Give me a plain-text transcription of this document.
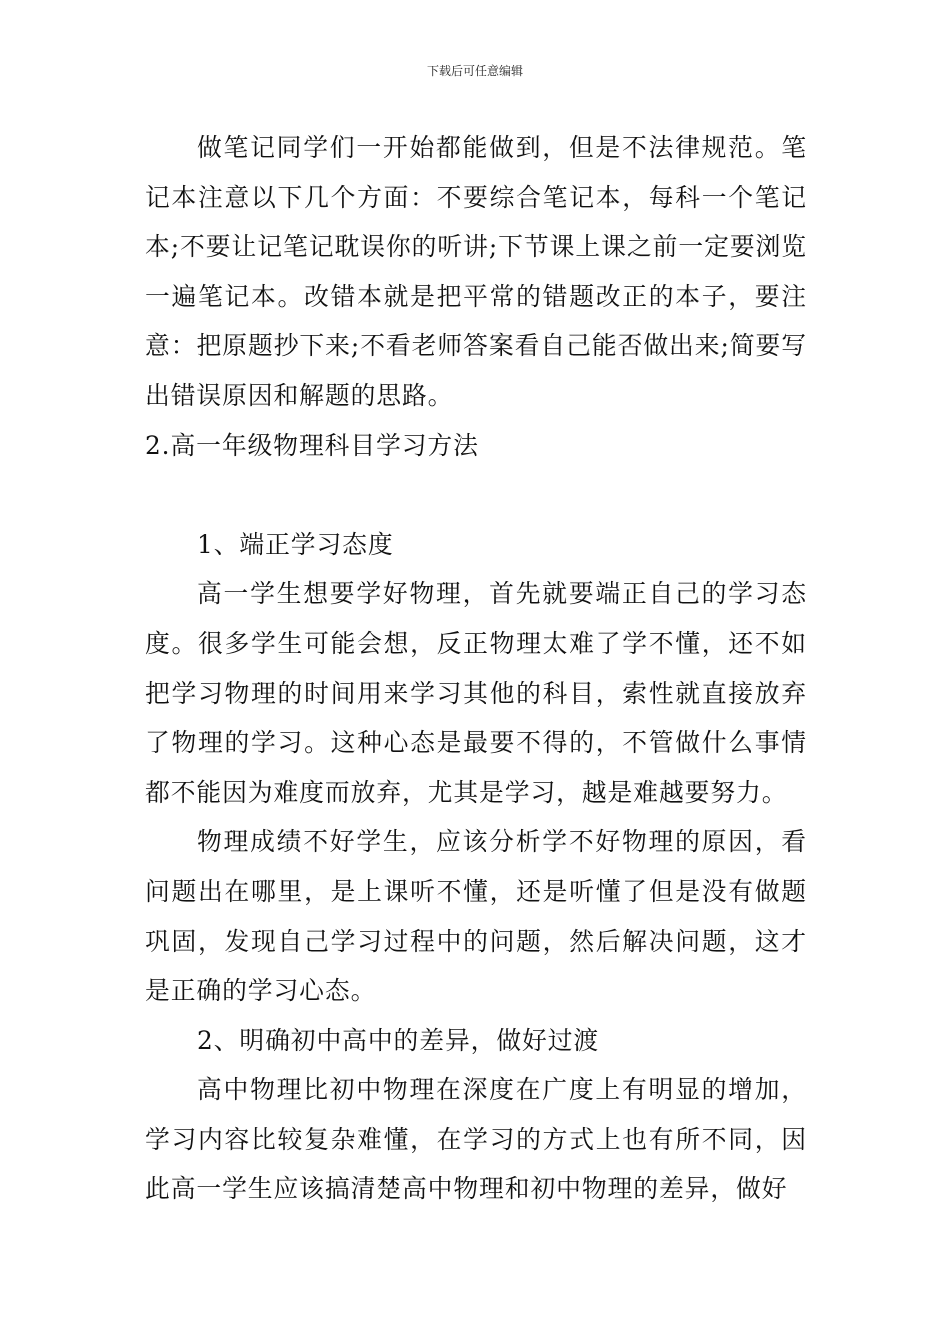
下载后可任意编辑

做笔记同学们一开始都能做到，但是不法律规范。笔记本注意以下几个方面：不要综合笔记本，每科一个笔记本;不要让记笔记耽误你的听讲;下节课上课之前一定要浏览一遍笔记本。改错本就是把平常的错题改正的本子，要注意：把原题抄下来;不看老师答案看自己能否做出来;简要写出错误原因和解题的思路。

2.高一年级物理科目学习方法

1、端正学习态度

高一学生想要学好物理，首先就要端正自己的学习态度。很多学生可能会想，反正物理太难了学不懂，还不如把学习物理的时间用来学习其他的科目，索性就直接放弃了物理的学习。这种心态是最要不得的，不管做什么事情都不能因为难度而放弃，尤其是学习，越是难越要努力。

物理成绩不好学生，应该分析学不好物理的原因，看问题出在哪里，是上课听不懂，还是听懂了但是没有做题巩固，发现自己学习过程中的问题，然后解决问题，这才是正确的学习心态。

2、明确初中高中的差异，做好过渡

高中物理比初中物理在深度在广度上有明显的增加，学习内容比较复杂难懂，在学习的方式上也有所不同，因此高一学生应该搞清楚高中物理和初中物理的差异，做好
